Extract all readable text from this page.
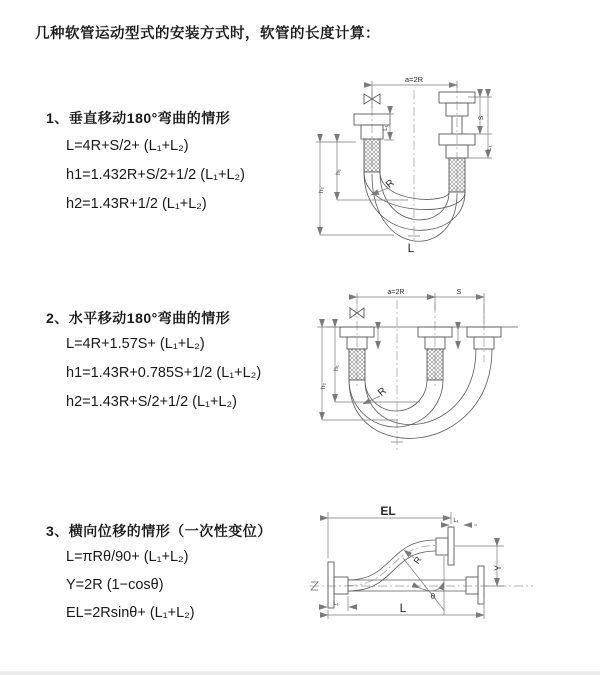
几种软管运动型式的安装方式时，软管的长度计算：
1、垂直移动180°弯曲的情形
L=4R+S/2+ (L₁+L₂)
h1=1.432R+S/2+1/2 (L₁+L₂)
h2=1.43R+1/2 (L₁+L₂)
2、水平移动180°弯曲的情形
L=4R+1.57S+ (L₁+L₂)
h1=1.43R+0.785S+1/2 (L₁+L₂)
h2=1.43R+S/2+1/2 (L₁+L₂)
3、横向位移的情形（一次性变位）
L=πRθ/90+ (L₁+L₂)
Y=2R (1−cosθ)
EL=2Rsinθ+ (L₁+L₂)
a=2R
S
L₁
L₁
h₁
h₂	R
L
a=2R	S
h₁
h₂	R
EL
L₁
Y
R
θ
L
L₁
